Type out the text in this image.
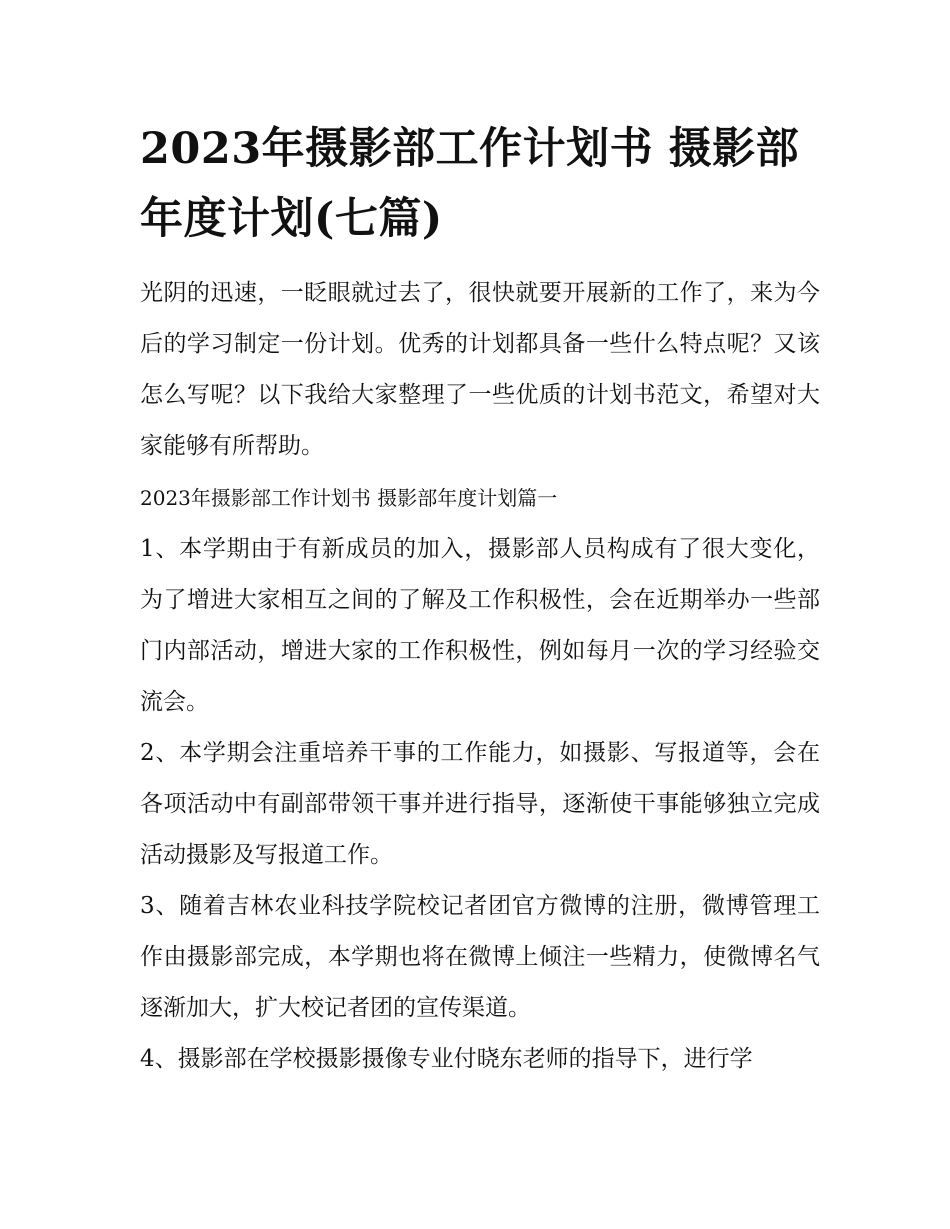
2023年摄影部工作计划书 摄影部年度计划(七篇)

光阴的迅速，一眨眼就过去了，很快就要开展新的工作了，来为今后的学习制定一份计划。优秀的计划都具备一些什么特点呢？又该怎么写呢？以下我给大家整理了一些优质的计划书范文，希望对大家能够有所帮助。

2023年摄影部工作计划书 摄影部年度计划篇一

1、本学期由于有新成员的加入，摄影部人员构成有了很大变化，为了增进大家相互之间的了解及工作积极性，会在近期举办一些部门内部活动，增进大家的工作积极性，例如每月一次的学习经验交流会。

2、本学期会注重培养干事的工作能力，如摄影、写报道等，会在各项活动中有副部带领干事并进行指导，逐渐使干事能够独立完成活动摄影及写报道工作。

3、随着吉林农业科技学院校记者团官方微博的注册，微博管理工作由摄影部完成，本学期也将在微博上倾注一些精力，使微博名气逐渐加大，扩大校记者团的宣传渠道。

4、摄影部在学校摄影摄像专业付晓东老师的指导下，进行学
